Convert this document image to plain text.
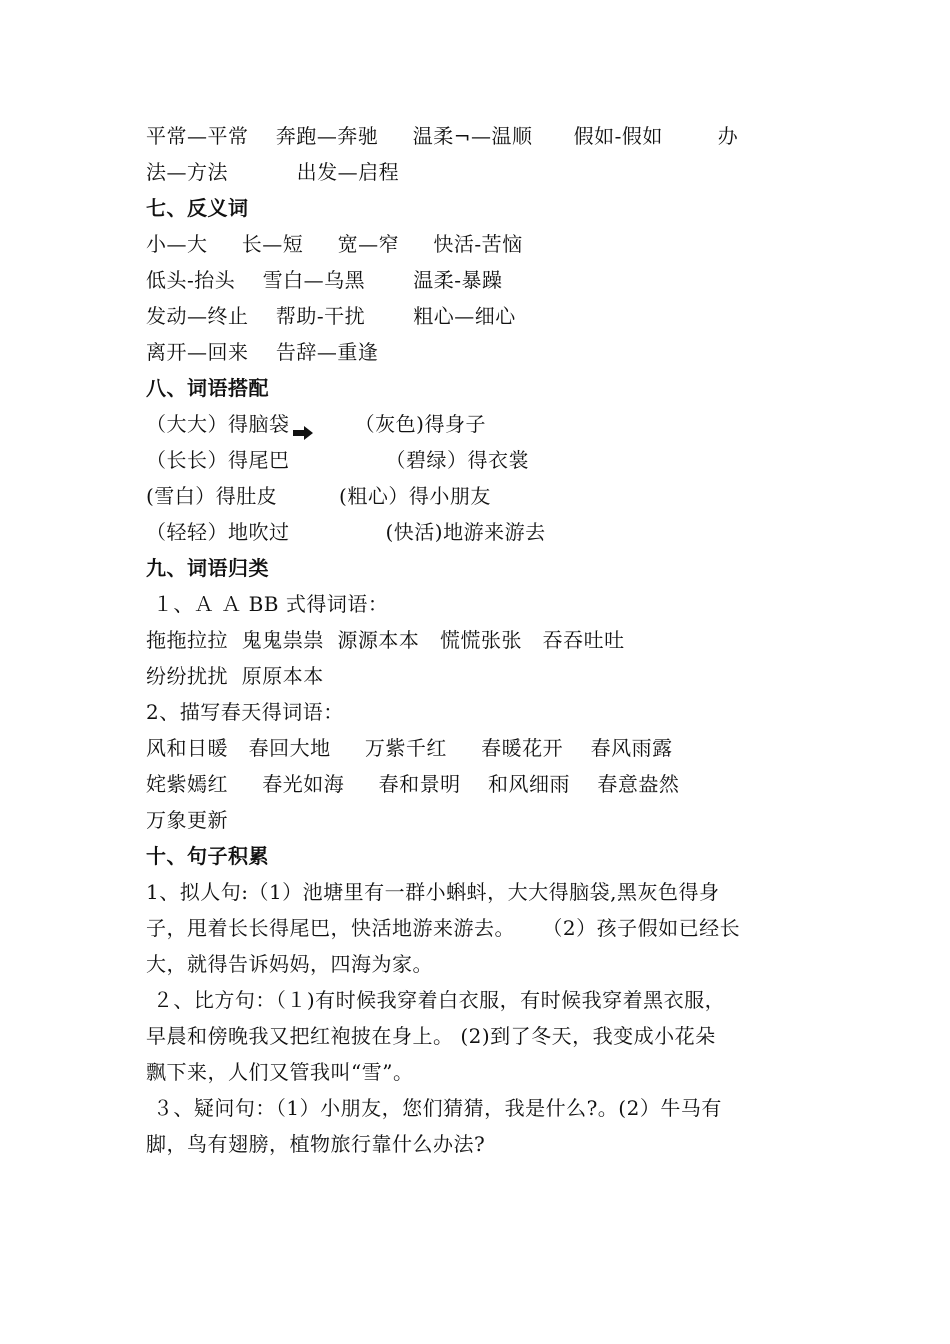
平常—平常    奔跑—奔驰     温柔¬—温顺      假如-假如        办
法—方法          出发—启程
七、反义词
小—大     长—短     宽—窄     快活-苦恼
低头-抬头    雪白—乌黑       温柔-暴躁
发动—终止    帮助-干扰       粗心—细心
离开—回来    告辞—重逢
八、词语搭配
（大大）得脑袋      （灰色)得身子
（长长）得尾巴              （碧绿）得衣裳
(雪白）得肚皮         (粗心）得小朋友
（轻轻）地吹过              (快活)地游来游去
九、词语归类
１、Ａ Ａ BB 式得词语：
拖拖拉拉  鬼鬼祟祟  源源本本   慌慌张张   吞吞吐吐
纷纷扰扰  原原本本
2、描写春天得词语：
风和日暖   春回大地     万紫千红     春暖花开    春风雨露
姹紫嫣红     春光如海     春和景明    和风细雨    春意盎然
万象更新
十、句子积累
1、拟人句:（1）池塘里有一群小蝌蚪，大大得脑袋,黑灰色得身
子，甩着长长得尾巴，快活地游来游去。    （2）孩子假如已经长
大，就得告诉妈妈，四海为家。
２、比方句：（１)有时候我穿着白衣服，有时候我穿着黑衣服，
早晨和傍晚我又把红袍披在身上。 (2)到了冬天，我变成小花朵
飘下来，人们又管我叫“雪”。
３、疑问句：（1）小朋友，您们猜猜，我是什么?。(2）牛马有
脚，鸟有翅膀，植物旅行靠什么办法?
